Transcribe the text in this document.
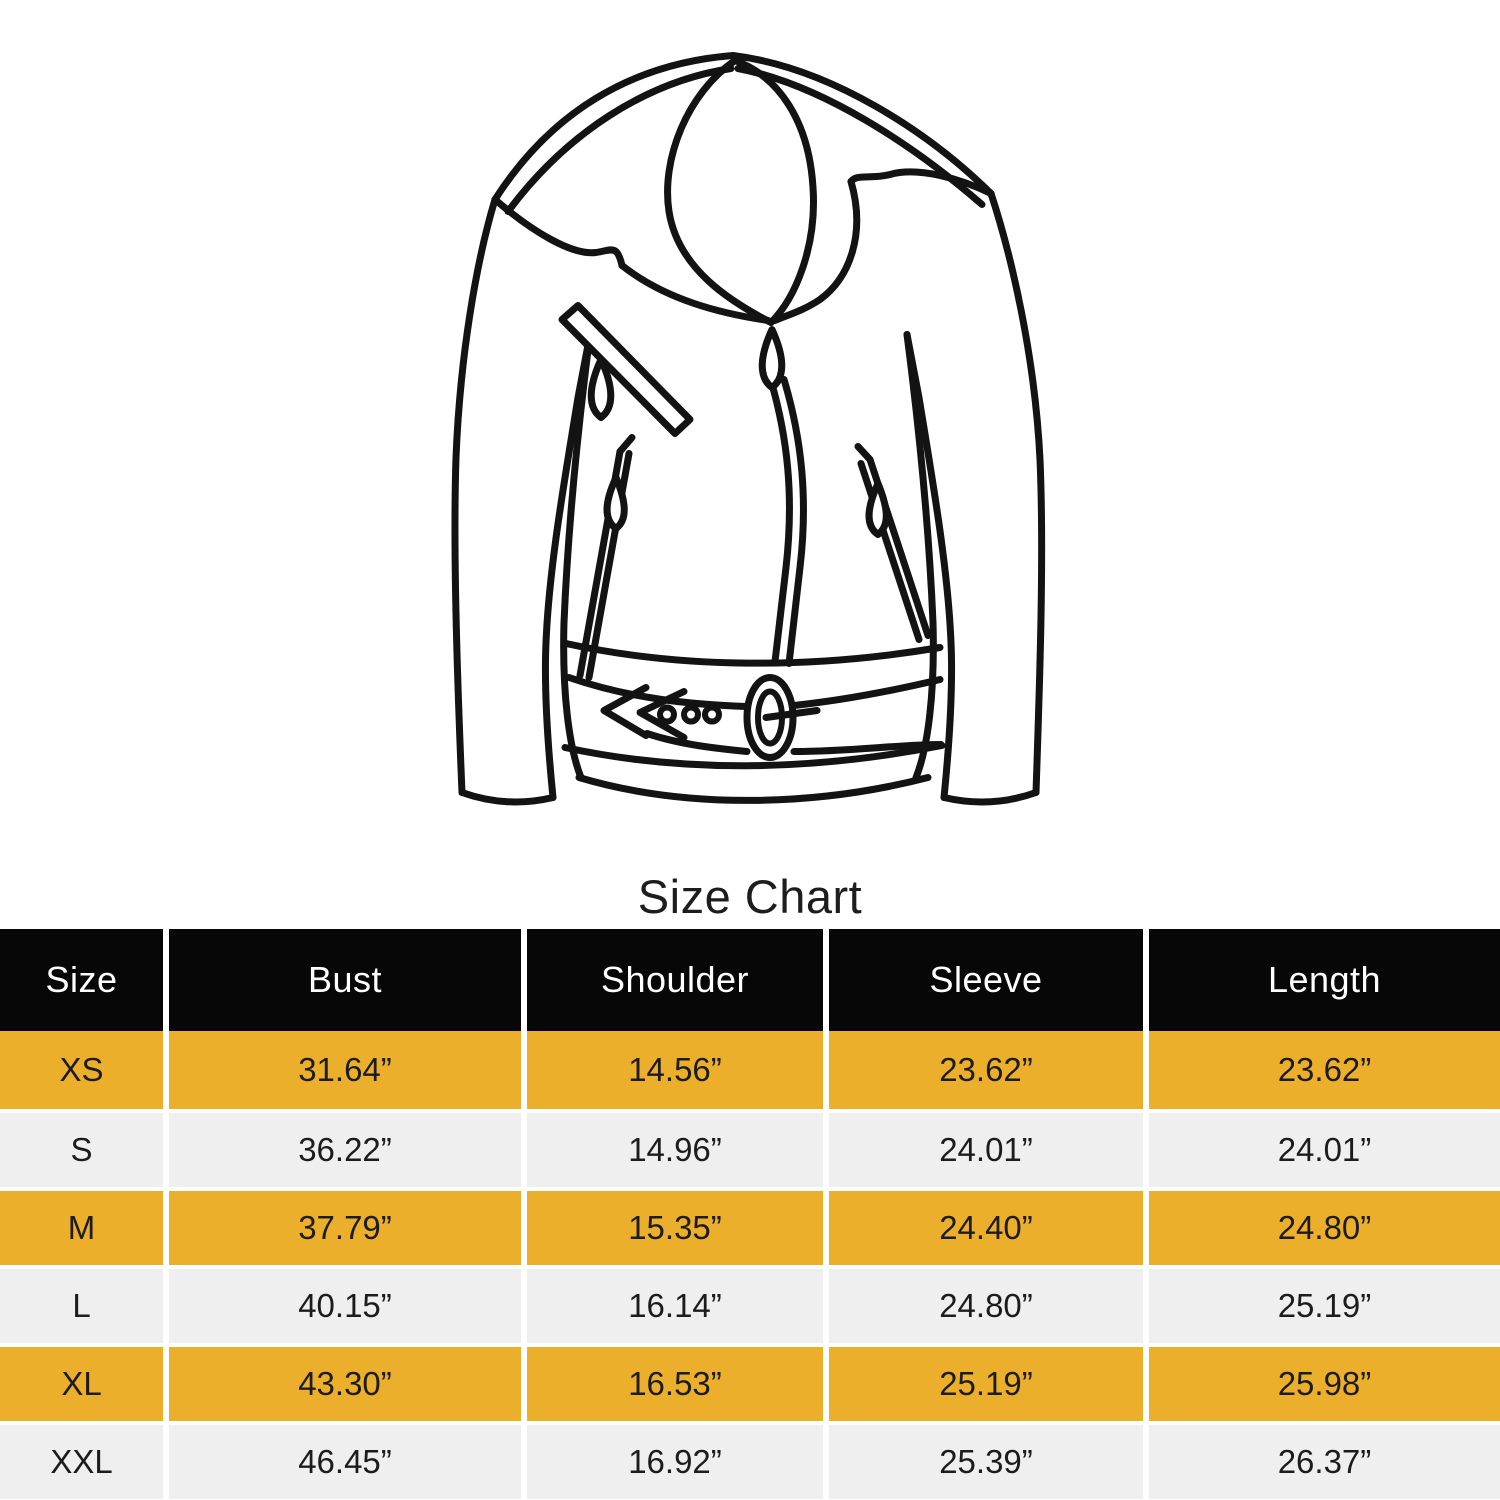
Size Chart
Size	Bust	Shoulder	Sleeve	Length
XS	31.64”	14.56”	23.62”	23.62”
S	36.22”	14.96”	24.01”	24.01”
M	37.79”	15.35”	24.40”	24.80”
L	40.15”	16.14”	24.80”	25.19”
XL	43.30”	16.53”	25.19”	25.98”
XXL	46.45”	16.92”	25.39”	26.37”
